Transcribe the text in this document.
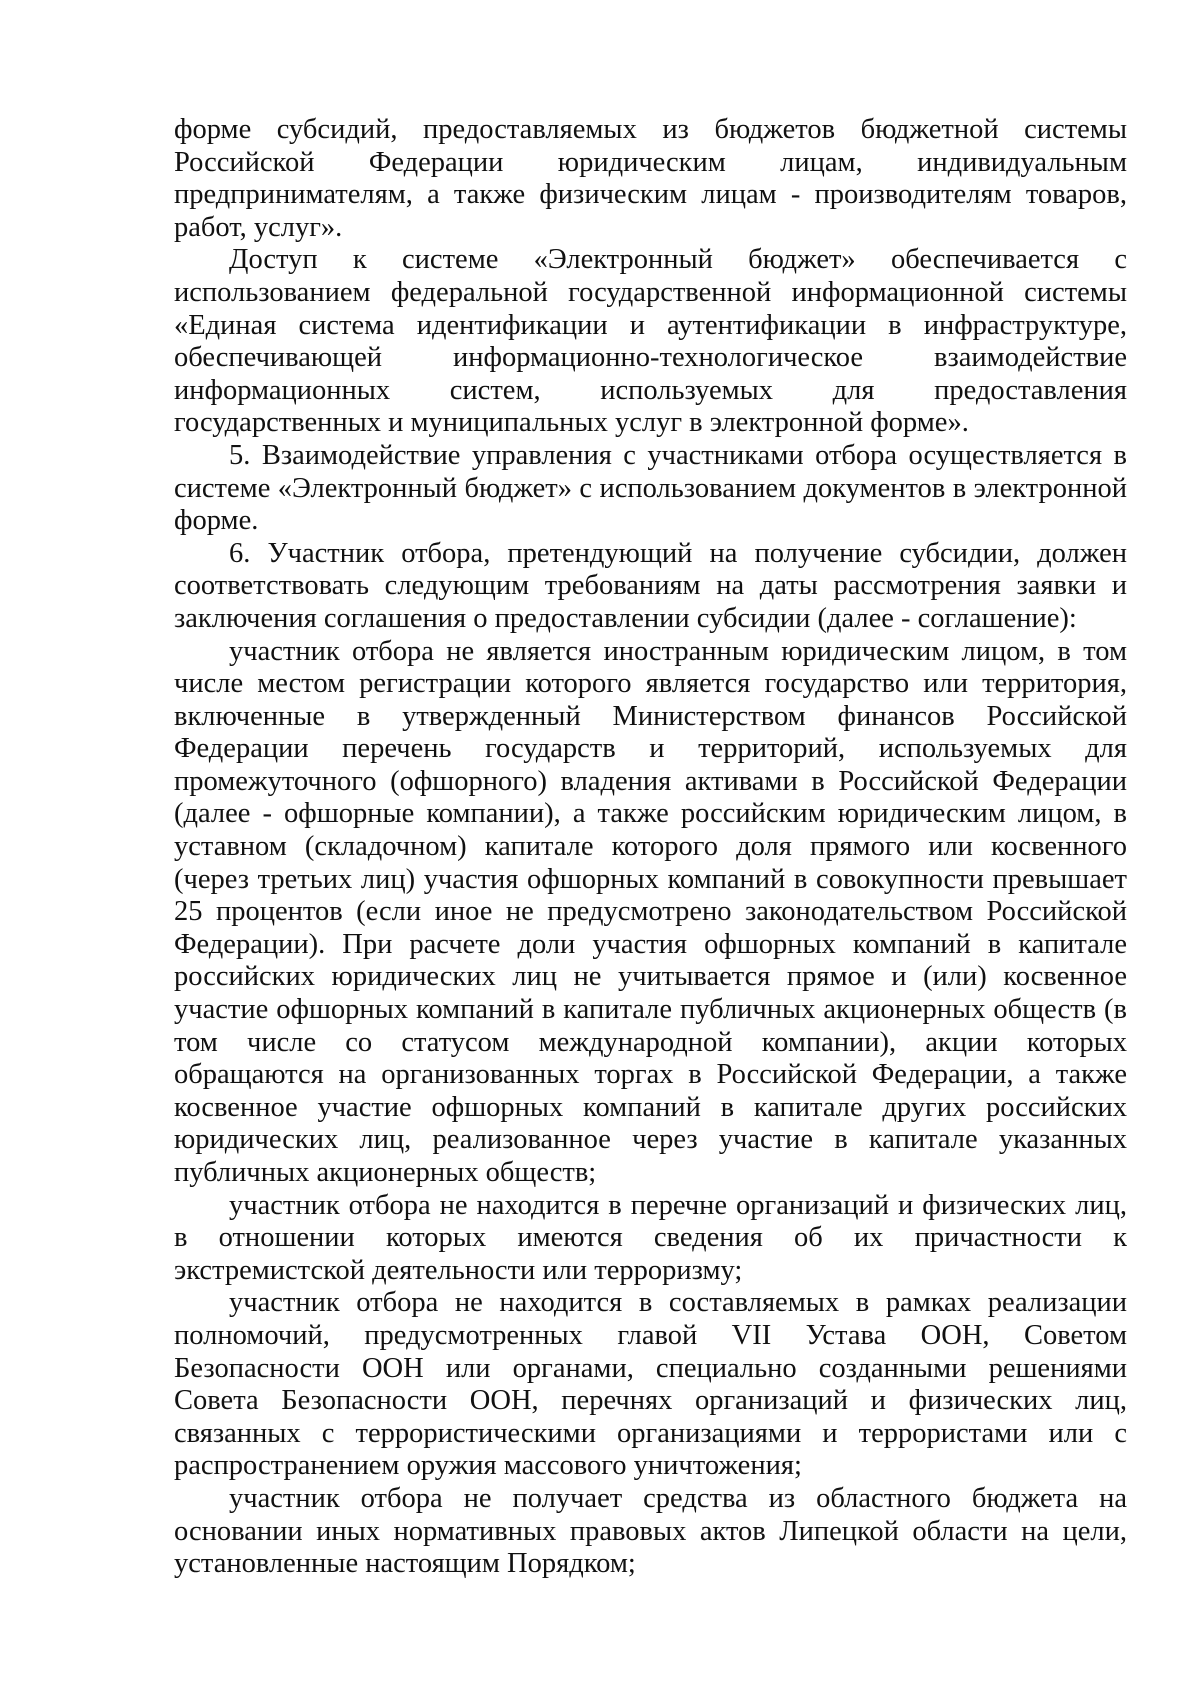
форме субсидий, предоставляемых из бюджетов бюджетной системы Российской Федерации юридическим лицам, индивидуальным предпринимателям, а также физическим лицам - производителям товаров, работ, услуг».

Доступ к системе «Электронный бюджет» обеспечивается с использованием федеральной государственной информационной системы «Единая система идентификации и аутентификации в инфраструктуре, обеспечивающей информационно-технологическое взаимодействие информационных систем, используемых для предоставления государственных и муниципальных услуг в электронной форме».

5. Взаимодействие управления с участниками отбора осуществляется в системе «Электронный бюджет» с использованием документов в электронной форме.

6. Участник отбора, претендующий на получение субсидии, должен соответствовать следующим требованиям на даты рассмотрения заявки и заключения соглашения о предоставлении субсидии (далее - соглашение):

участник отбора не является иностранным юридическим лицом, в том числе местом регистрации которого является государство или территория, включенные в утвержденный Министерством финансов Российской Федерации перечень государств и территорий, используемых для промежуточного (офшорного) владения активами в Российской Федерации (далее - офшорные компании), а также российским юридическим лицом, в уставном (складочном) капитале которого доля прямого или косвенного (через третьих лиц) участия офшорных компаний в совокупности превышает 25 процентов (если иное не предусмотрено законодательством Российской Федерации). При расчете доли участия офшорных компаний в капитале российских юридических лиц не учитывается прямое и (или) косвенное участие офшорных компаний в капитале публичных акционерных обществ (в том числе со статусом международной компании), акции которых обращаются на организованных торгах в Российской Федерации, а также косвенное участие офшорных компаний в капитале других российских юридических лиц, реализованное через участие в капитале указанных публичных акционерных обществ;

участник отбора не находится в перечне организаций и физических лиц, в отношении которых имеются сведения об их причастности к экстремистской деятельности или терроризму;

участник отбора не находится в составляемых в рамках реализации полномочий, предусмотренных главой VII Устава ООН, Советом Безопасности ООН или органами, специально созданными решениями Совета Безопасности ООН, перечнях организаций и физических лиц, связанных с террористическими организациями и террористами или с распространением оружия массового уничтожения;

участник отбора не получает средства из областного бюджета на основании иных нормативных правовых актов Липецкой области на цели, установленные настоящим Порядком;
